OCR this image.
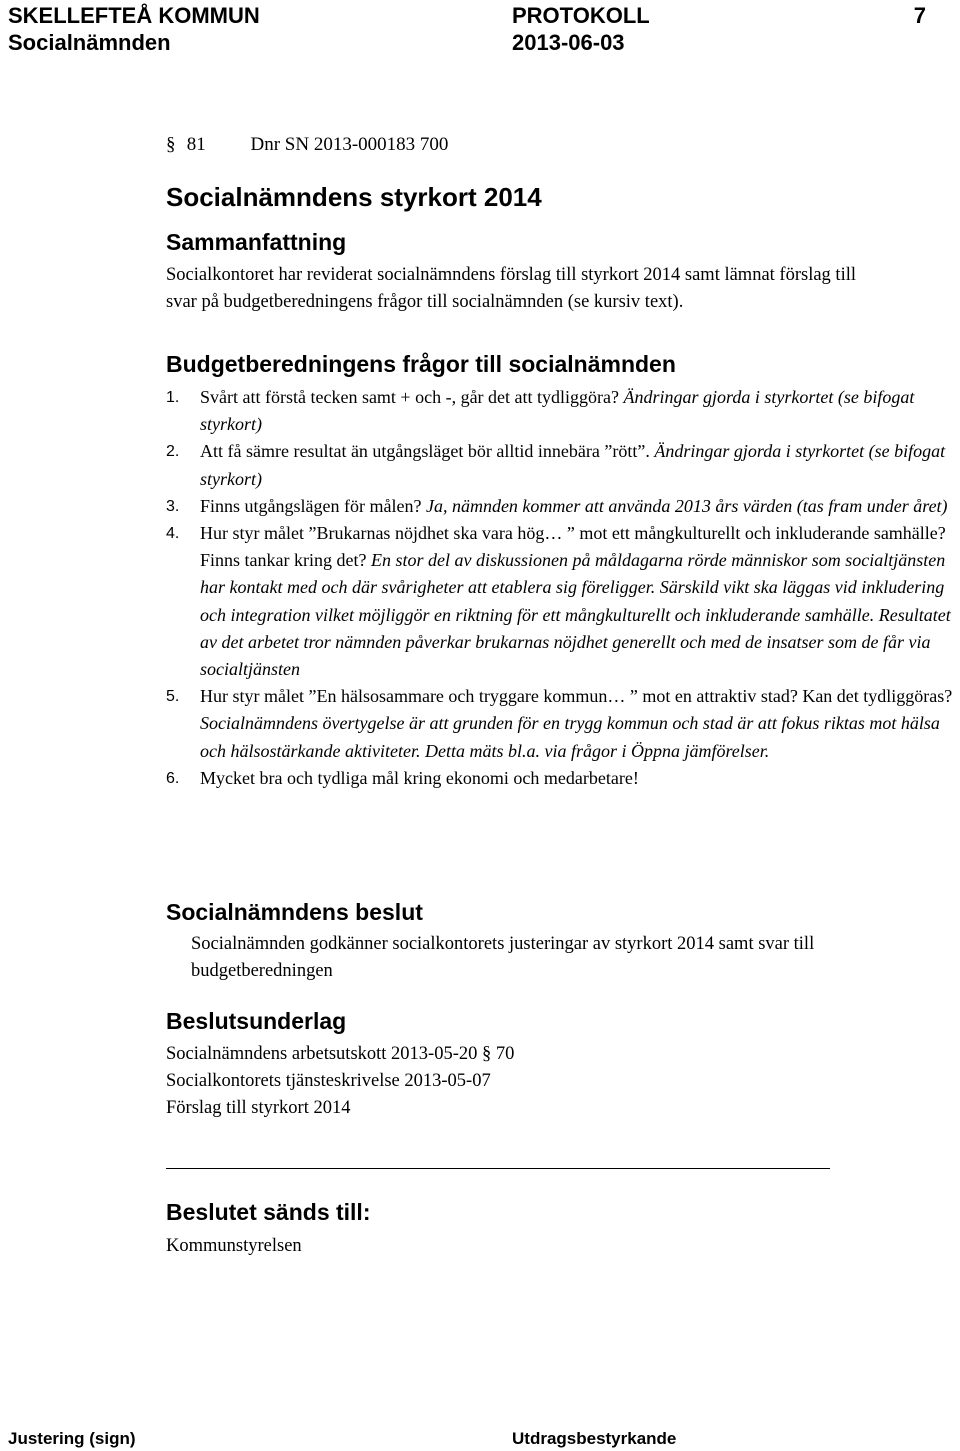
SKELLEFTEÅ KOMMUN	PROTOKOLL	7
Socialnämnden	2013-06-03
§ 81 Dnr SN 2013-000183 700
Socialnämndens styrkort 2014
Sammanfattning
Socialkontoret har reviderat socialnämndens förslag till styrkort 2014 samt lämnat förslag till svar på budgetberedningens frågor till socialnämnden (se kursiv text).
Budgetberedningens frågor till socialnämnden
1.	Svårt att förstå tecken samt + och -, går det att tydliggöra? Ändringar gjorda i styrkortet (se bifogat styrkort)
2.	Att få sämre resultat än utgångsläget bör alltid innebära ”rött”. Ändringar gjorda i styrkortet (se bifogat styrkort)
3.	Finns utgångslägen för målen? Ja, nämnden kommer att använda 2013 års värden (tas fram under året)
4.	Hur styr målet ”Brukarnas nöjdhet ska vara hög… ” mot ett mångkulturellt och inkluderande samhälle? Finns tankar kring det? En stor del av diskussionen på måldagarna rörde människor som socialtjänsten har kontakt med och där svårigheter att etablera sig föreligger. Särskild vikt ska läggas vid inkludering och integration vilket möjliggör en riktning för ett mångkulturellt och inkluderande samhälle. Resultatet av det arbetet tror nämnden påverkar brukarnas nöjdhet generellt och med de insatser som de får via socialtjänsten
5.	Hur styr målet ”En hälsosammare och tryggare kommun… ” mot en attraktiv stad? Kan det tydliggöras? Socialnämndens övertygelse är att grunden för en trygg kommun och stad är att fokus riktas mot hälsa och hälsostärkande aktiviteter. Detta mäts bl.a. via frågor i Öppna jämförelser.
6.	Mycket bra och tydliga mål kring ekonomi och medarbetare!
Socialnämndens beslut
Socialnämnden godkänner socialkontorets justeringar av styrkort 2014 samt svar till budgetberedningen
Beslutsunderlag
Socialnämndens arbetsutskott 2013-05-20 § 70
Socialkontorets tjänsteskrivelse 2013-05-07
Förslag till styrkort 2014
Beslutet sänds till:
Kommunstyrelsen
Justering (sign)	Utdragsbestyrkande
